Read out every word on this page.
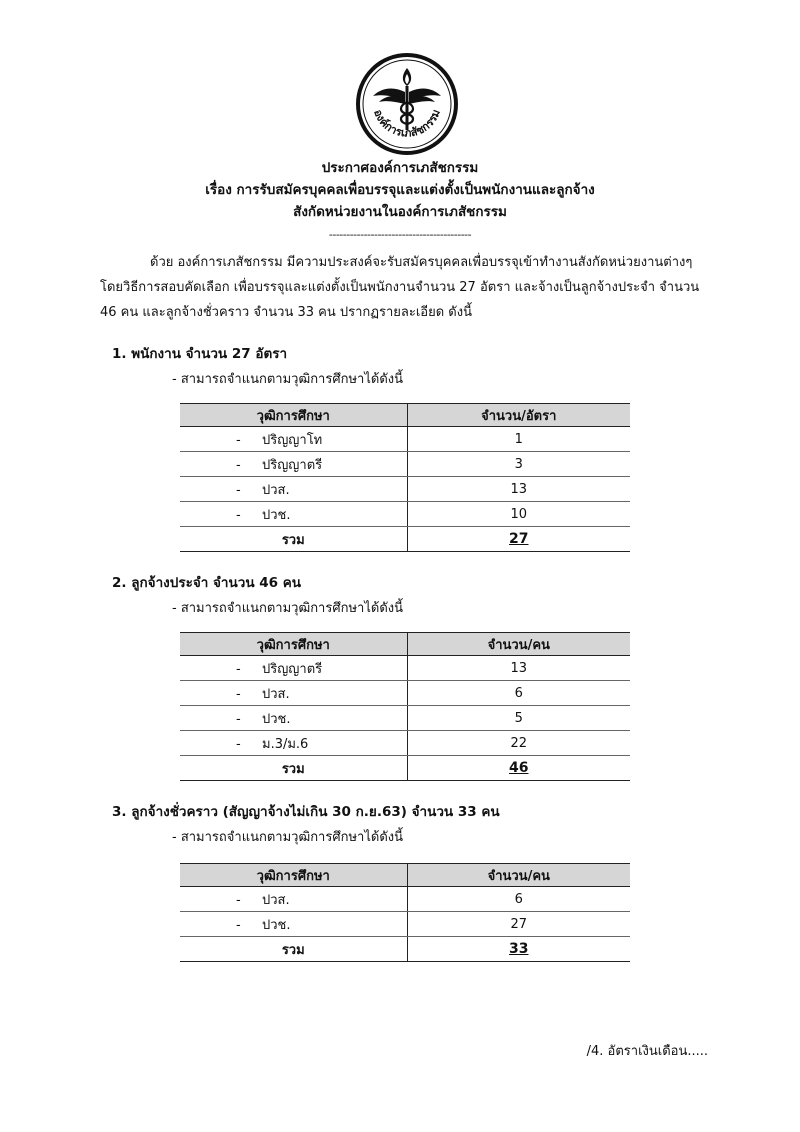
องค์การเภสัชกรรม
ประกาศองค์การเภสัชกรรม
เรื่อง การรับสมัครบุคคลเพื่อบรรจุและแต่งตั้งเป็นพนักงานและลูกจ้าง
สังกัดหน่วยงานในองค์การเภสัชกรรม
-----------------------------------------
ด้วย องค์การเภสัชกรรม มีความประสงค์จะรับสมัครบุคคลเพื่อบรรจุเข้าทำงานสังกัดหน่วยงานต่างๆ
โดยวิธีการสอบคัดเลือก เพื่อบรรจุและแต่งตั้งเป็นพนักงานจำนวน 27 อัตรา และจ้างเป็นลูกจ้างประจำ จำนวน
46 คน และลูกจ้างชั่วคราว จำนวน 33 คน ปรากฏรายละเอียด ดังนี้
1. พนักงาน จำนวน 27 อัตรา
- สามารถจำแนกตามวุฒิการศึกษาได้ดังนี้
วุฒิการศึกษา	จำนวน/อัตรา
- ปริญญาโท	1
- ปริญญาตรี	3
- ปวส.	13
- ปวช.	10
รวม	27
2. ลูกจ้างประจำ จำนวน 46 คน
- สามารถจำแนกตามวุฒิการศึกษาได้ดังนี้
วุฒิการศึกษา	จำนวน/คน
- ปริญญาตรี	13
- ปวส.	6
- ปวช.	5
- ม.3/ม.6	22
รวม	46
3. ลูกจ้างชั่วคราว (สัญญาจ้างไม่เกิน 30 ก.ย.63) จำนวน 33 คน
- สามารถจำแนกตามวุฒิการศึกษาได้ดังนี้
วุฒิการศึกษา	จำนวน/คน
- ปวส.	6
- ปวช.	27
รวม	33
/4. อัตราเงินเดือน.....
